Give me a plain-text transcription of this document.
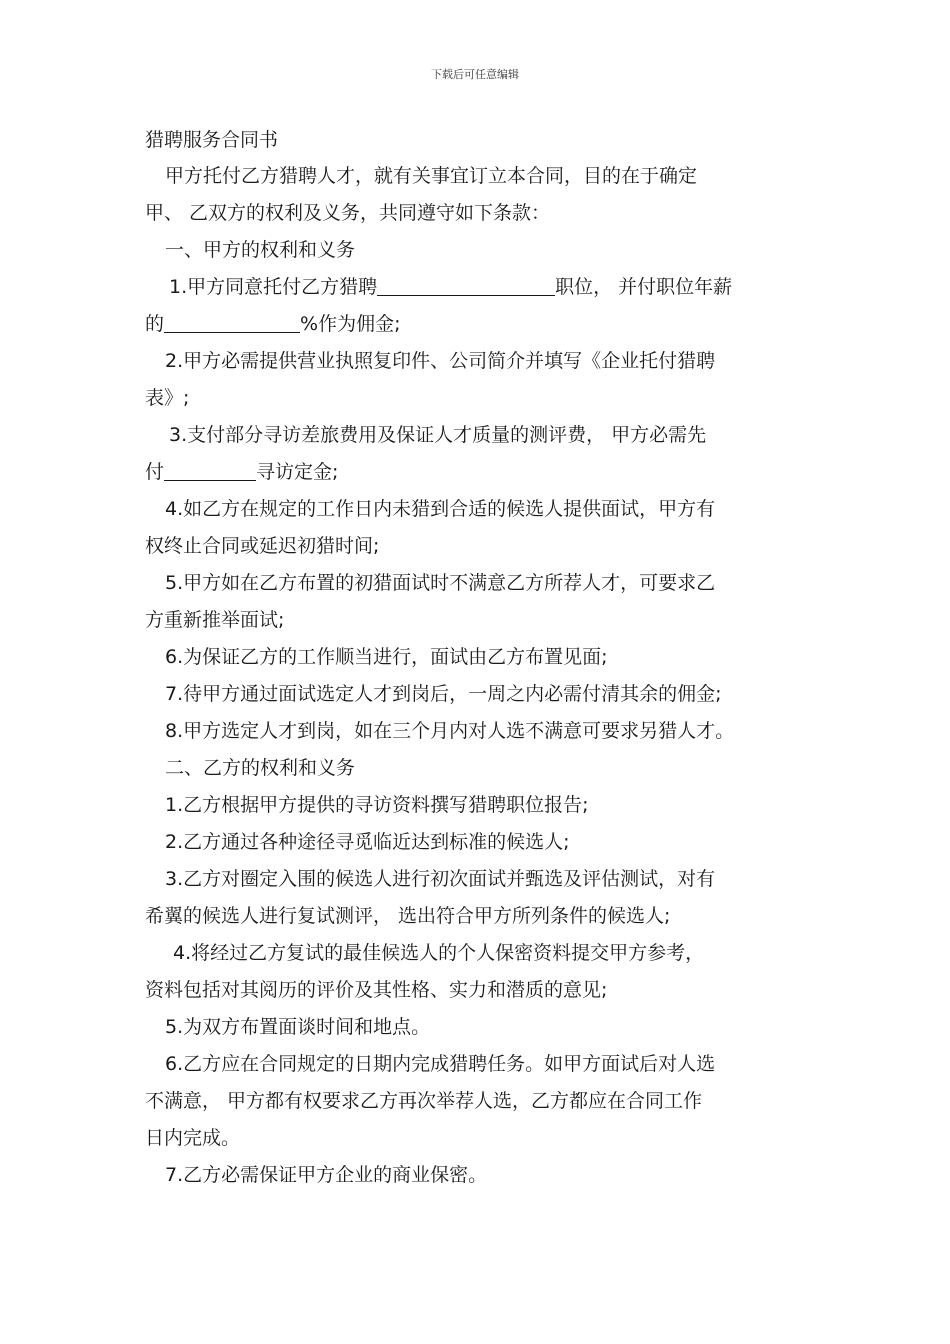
下载后可任意编辑

猎聘服务合同书

甲方托付乙方猎聘人才，就有关事宜订立本合同，目的在于确定

甲、 乙双方的权利及义务，共同遵守如下条款：

一、甲方的权利和义务

1.甲方同意托付乙方猎聘	职位， 并付职位年薪

的	%作为佣金;

2.甲方必需提供营业执照复印件、公司简介并填写《企业托付猎聘

表》;

3.支付部分寻访差旅费用及保证人才质量的测评费， 甲方必需先

付	寻访定金;

4.如乙方在规定的工作日内未猎到合适的候选人提供面试，甲方有

权终止合同或延迟初猎时间;

5.甲方如在乙方布置的初猎面试时不满意乙方所荐人才，可要求乙

方重新推举面试;

6.为保证乙方的工作顺当进行，面试由乙方布置见面;

7.待甲方通过面试选定人才到岗后，一周之内必需付清其余的佣金;

8.甲方选定人才到岗，如在三个月内对人选不满意可要求另猎人才。

二、乙方的权利和义务

1.乙方根据甲方提供的寻访资料撰写猎聘职位报告;

2.乙方通过各种途径寻觅临近达到标准的候选人;

3.乙方对圈定入围的候选人进行初次面试并甄选及评估测试，对有

希翼的候选人进行复试测评， 选出符合甲方所列条件的候选人;

4.将经过乙方复试的最佳候选人的个人保密资料提交甲方参考，

资料包括对其阅历的评价及其性格、实力和潜质的意见;

5.为双方布置面谈时间和地点。

6.乙方应在合同规定的日期内完成猎聘任务。如甲方面试后对人选

不满意， 甲方都有权要求乙方再次举荐人选，乙方都应在合同工作

日内完成。

7.乙方必需保证甲方企业的商业保密。
